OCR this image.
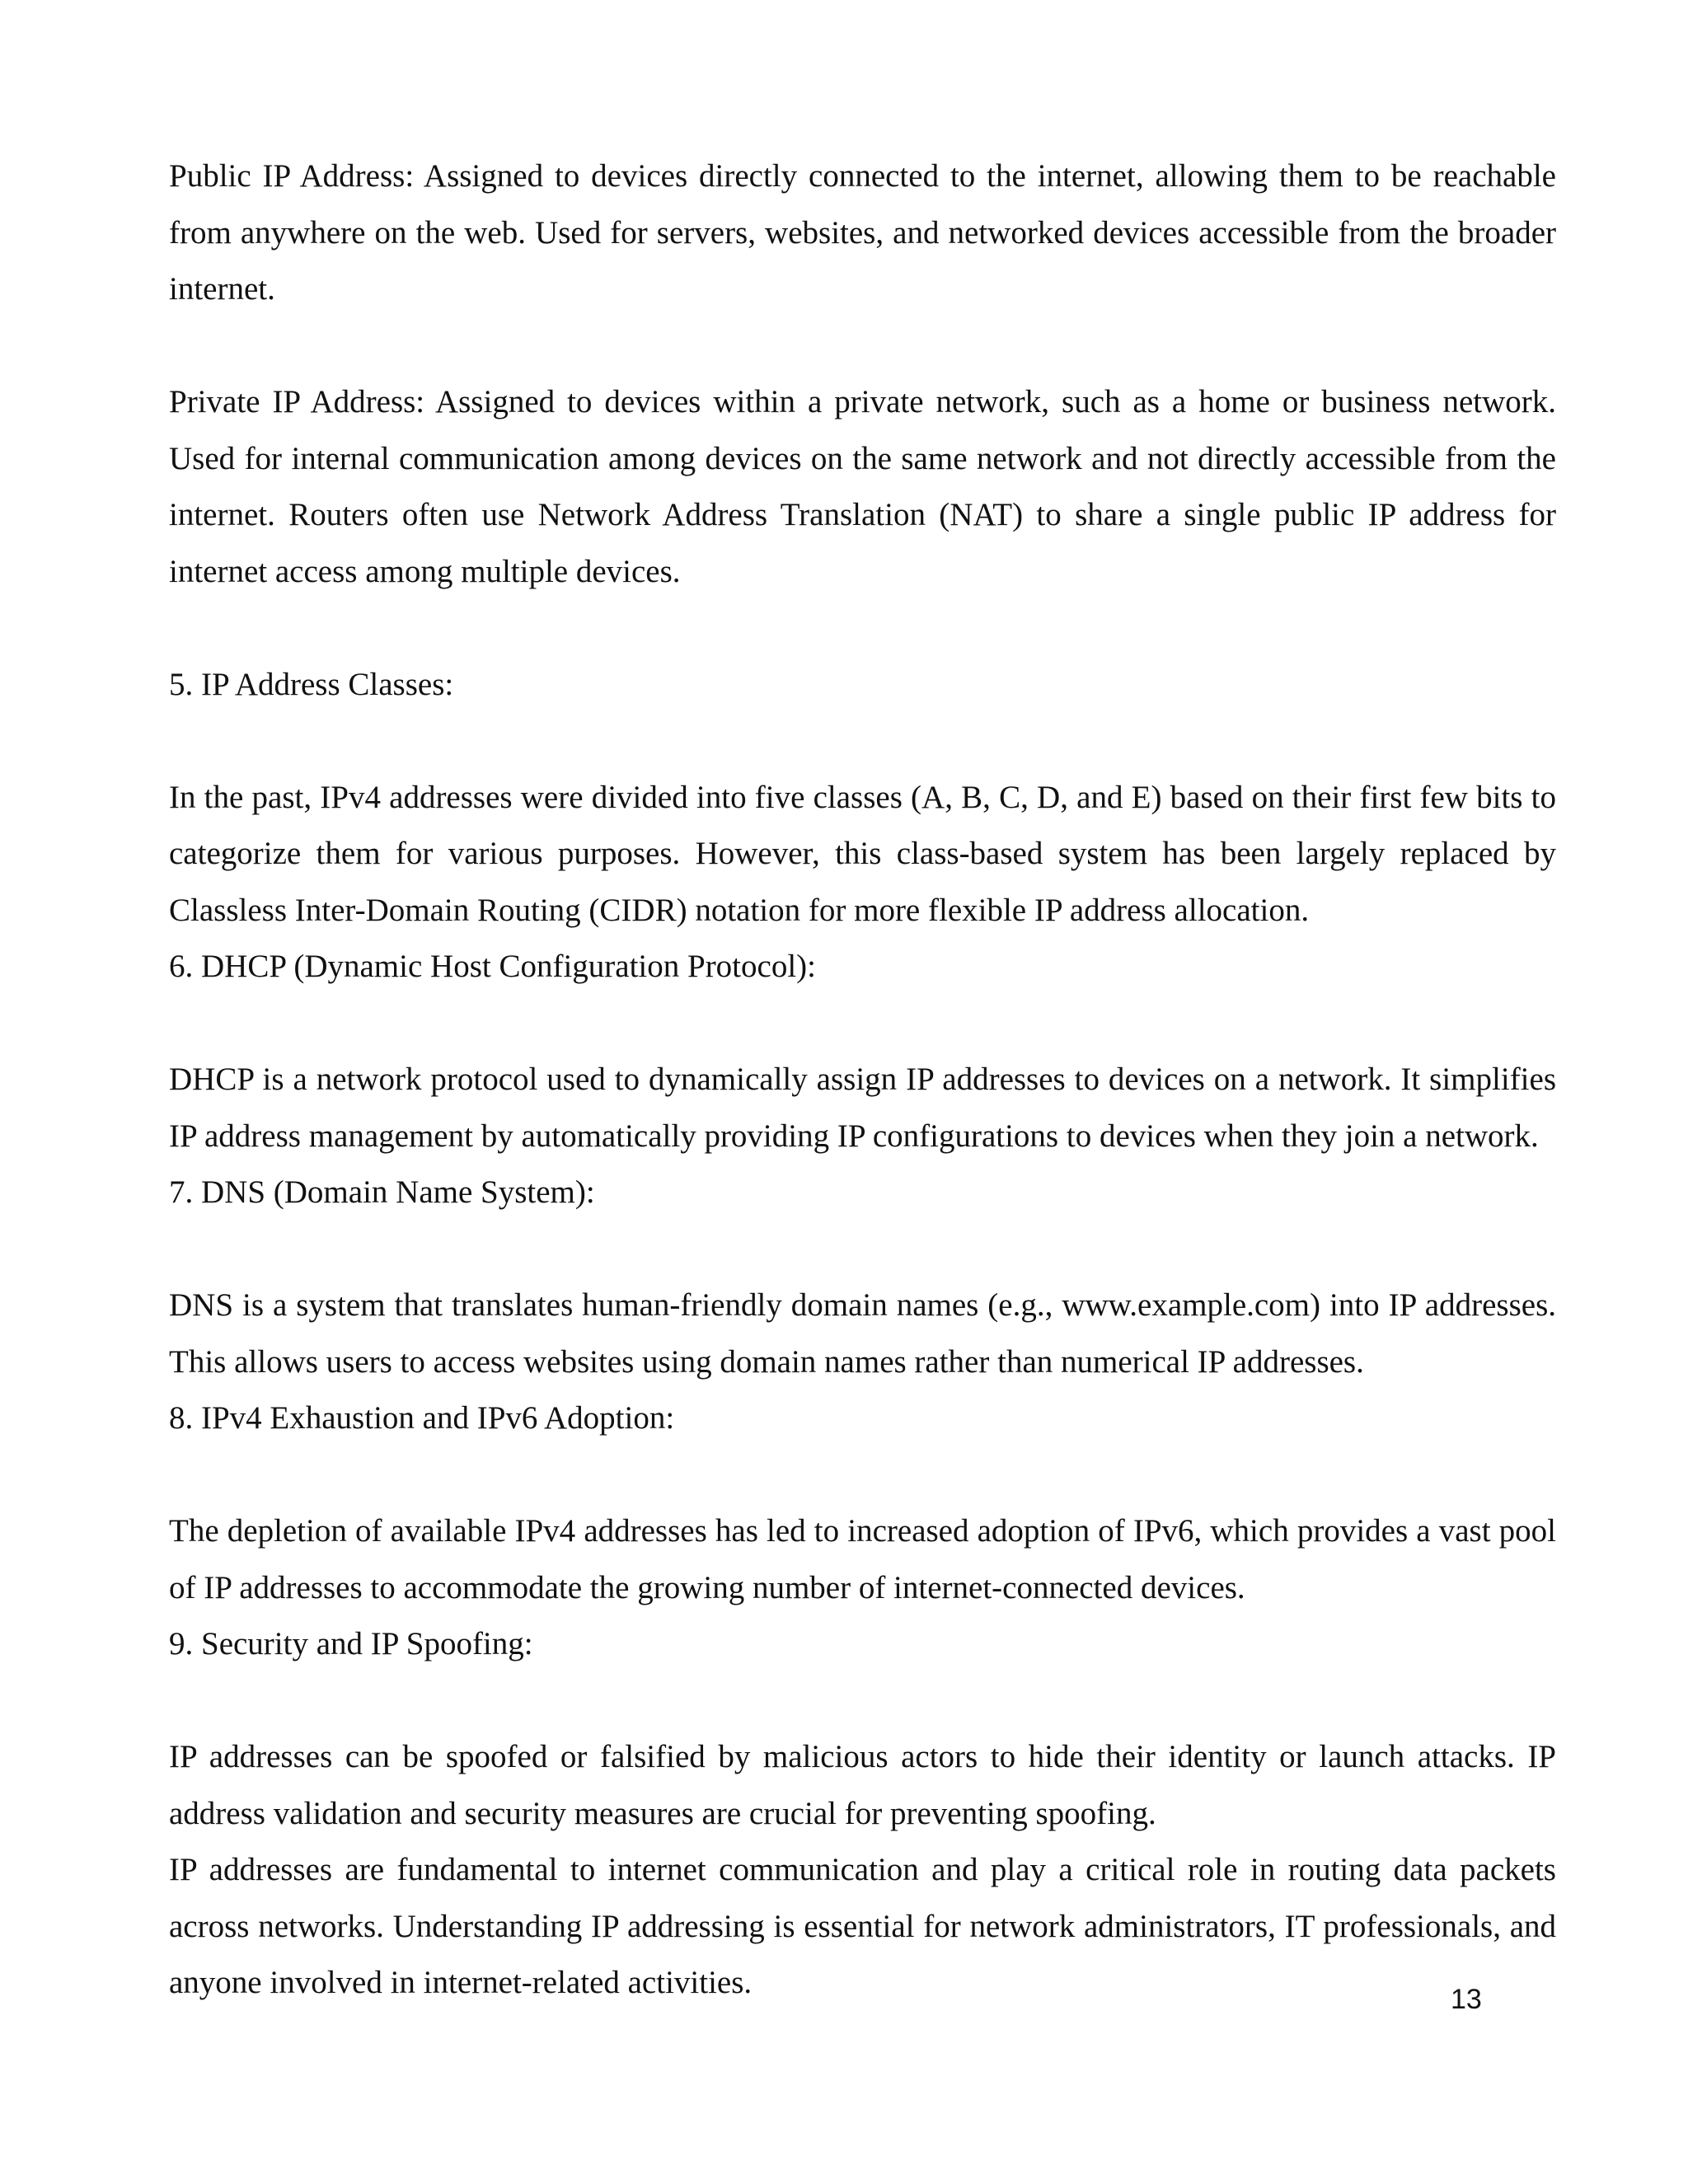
Public IP Address: Assigned to devices directly connected to the internet, allowing them to be reachable from anywhere on the web. Used for servers, websites, and networked devices accessible from the broader internet.

Private IP Address: Assigned to devices within a private network, such as a home or business network. Used for internal communication among devices on the same network and not directly accessible from the internet. Routers often use Network Address Translation (NAT) to share a single public IP address for internet access among multiple devices.

5. IP Address Classes:

In the past, IPv4 addresses were divided into five classes (A, B, C, D, and E) based on their first few bits to categorize them for various purposes. However, this class-based system has been largely replaced by Classless Inter-Domain Routing (CIDR) notation for more flexible IP address allocation.

6. DHCP (Dynamic Host Configuration Protocol):

DHCP is a network protocol used to dynamically assign IP addresses to devices on a network. It simplifies IP address management by automatically providing IP configurations to devices when they join a network.

7. DNS (Domain Name System):

DNS is a system that translates human-friendly domain names (e.g., www.example.com) into IP addresses. This allows users to access websites using domain names rather than numerical IP addresses.

8. IPv4 Exhaustion and IPv6 Adoption:

The depletion of available IPv4 addresses has led to increased adoption of IPv6, which provides a vast pool of IP addresses to accommodate the growing number of internet-connected devices.

9. Security and IP Spoofing:

IP addresses can be spoofed or falsified by malicious actors to hide their identity or launch attacks. IP address validation and security measures are crucial for preventing spoofing.

IP addresses are fundamental to internet communication and play a critical role in routing data packets across networks. Understanding IP addressing is essential for network administrators, IT professionals, and anyone involved in internet-related activities.	13
